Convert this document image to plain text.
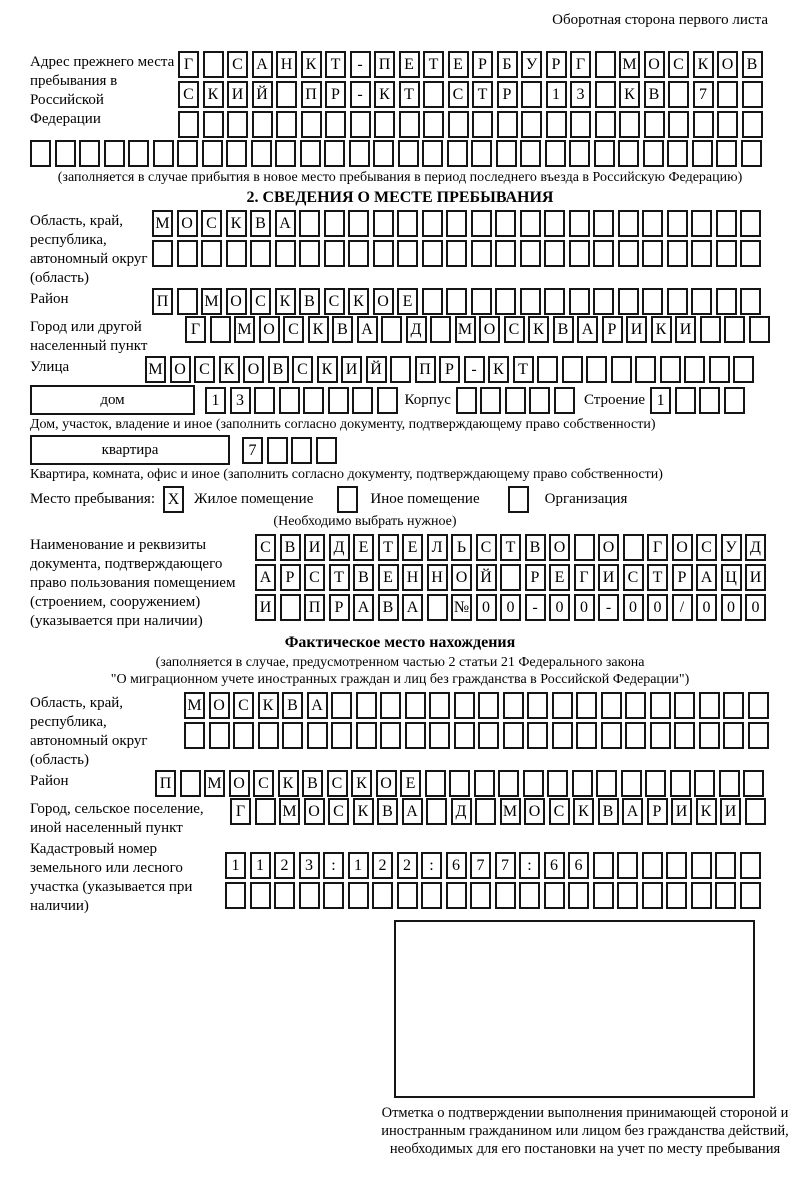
Оборотная сторона первого листа
Адрес прежнего места пребывания в Российской Федерации
Г	С А Н К Т	-	П Е Т Е Р Б У Р Г	М О С К О В
С К И Й П Р	-	К Т	С Т Р	1	3	К В	7
(заполняется в случае прибытия в новое место пребывания в период последнего въезда в Российскую Федерацию)
2. СВЕДЕНИЯ О МЕСТЕ ПРЕБЫВАНИЯ
Область, край, республика, автономный округ (область)
М О С К В А
Район	П М О С К В С К О Е
Город или другой населенный пункт
Г	М О С К В А	Д	М О С К В А Р И К И
Улица	М О С К О В С К И Й П Р	-	К Т
дом	1	3	Корпус	Строение 1
Дом, участок, владение и иное (заполнить согласно документу, подтверждающему право собственности)
квартира	7
Квартира, комната, офис и иное (заполнить согласно документу, подтверждающему право собственности)
Место пребывания: X Жилое помещение	Иное помещение	Организация
(Необходимо выбрать нужное)
Наименование и реквизиты документа, подтверждающего право пользования помещением (строением, сооружением) (указывается при наличии)
С В И Д Е Т Е Л Ь С Т В О О	Г О С У Д
А Р С Т В Е Н Н О Й	Р Е Г И С Т Р А Ц И
И П Р А В А № 0	0	-	0	0	-	0	0	/	0	0	0
Фактическое место нахождения
(заполняется в случае, предусмотренном частью 2 статьи 21 Федерального закона
"О миграционном учете иностранных граждан и лиц без гражданства в Российской Федерации")
Область, край, республика, автономный округ (область)
М О С К В А
Район	П М О С К В С К О Е
Город, сельское поселение, иной населенный пункт
Г	М О С К В А	Д	М О С К В А Р И К И
Кадастровый номер земельного или лесного участка (указывается при наличии)
1	1	2	3	:	1	2	2	:	6	7	7	:	6	6
Отметка о подтверждении выполнения принимающей стороной и иностранным гражданином или лицом без гражданства действий, необходимых для его постановки на учет по месту пребывания
